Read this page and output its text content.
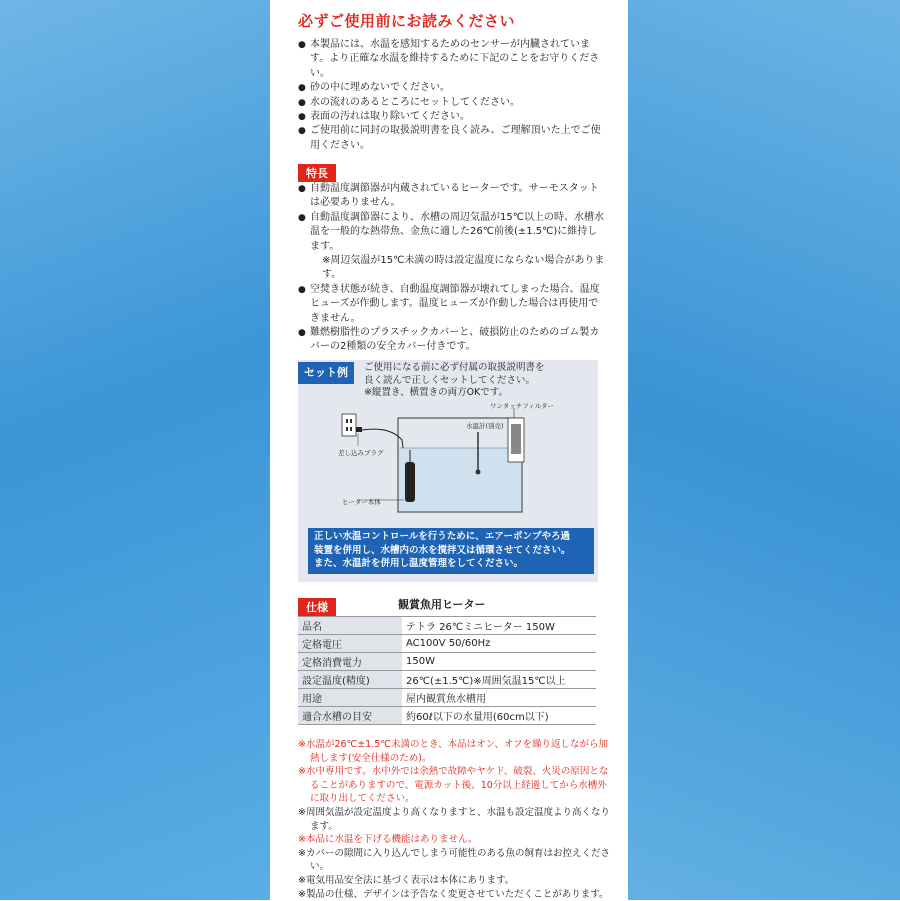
必ずご使用前にお読みください
● 本製品には、水温を感知するためのセンサーが内臓されています。より正確な水温を維持するために下記のことをお守りください。
● 砂の中に埋めないでください。
● 水の流れのあるところにセットしてください。
● 表面の汚れは取り除いてください。
● ご使用前に同封の取扱説明書を良く読み、ご理解頂いた上でご使用ください。
特長
● 自動温度調節器が内蔵されているヒーターです。サーモスタットは必要ありません。
● 自動温度調節器により、水槽の周辺気温が15℃以上の時、水槽水温を一般的な熱帯魚、金魚に適した26℃前後(±1.5℃)に維持します。
※周辺気温が15℃未満の時は設定温度にならない場合があります。
● 空焚き状態が続き、自動温度調節器が壊れてしまった場合、温度ヒューズが作動します。温度ヒューズが作動した場合は再使用できません。
● 難燃樹脂性のプラスチックカバーと、破損防止のためのゴム製カバーの2種類の安全カバー付きです。
セット例	ご使用になる前に必ず付属の取扱説明書を
良く読んで正しくセットしてください。
※縦置き、横置きの両方OKです。
差し込みプラグ
ヒーター本体
水温計(別売)
ワンタッチフィルター
正しい水温コントロールを行うために、エアーポンプやろ過
装置を併用し、水槽内の水を撹拌又は循環させてください。
また、水温計を併用し温度管理をしてください。
仕様	観賞魚用ヒーター
品名	テトラ 26℃ミニヒーター 150W
定格電圧	AC100V 50/60Hz
定格消費電力	150W
設定温度(精度)	26℃(±1.5℃)※周囲気温15℃以上
用途	屋内観賞魚水槽用
適合水槽の目安	約60ℓ以下の水量用(60cm以下)

※水温が26℃±1.5℃未満のとき、本品はオン、オフを繰り返しながら加熱します(安全仕様のため)。

※水中専用です。水中外では余熱で故障やヤケド、破裂、火災の原因となることがありますので、電源カット後、10分以上経過してから水槽外に取り出してください。

※周囲気温が設定温度より高くなりますと、水温も設定温度より高くなります。

※本品に水温を下げる機能はありません。

※カバーの隙間に入り込んでしまう可能性のある魚の飼育はお控えください。

※電気用品安全法に基づく表示は本体にあります。

※製品の仕様、デザインは予告なく変更させていただくことがあります。
